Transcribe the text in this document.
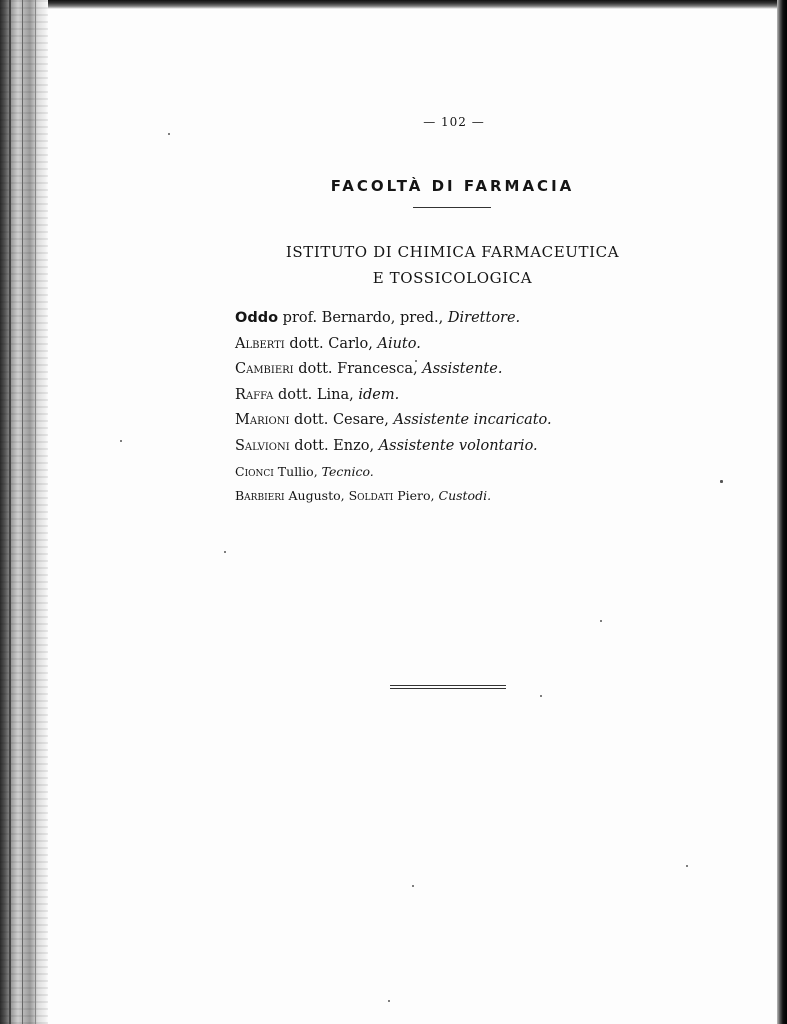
— 102 —
FACOLTÀ DI FARMACIA
ISTITUTO DI CHIMICA FARMACEUTICA
E TOSSICOLOGICA
Oddo prof. Bernardo, pred., Direttore.
Alberti dott. Carlo, Aiuto.
Cambieri dott. Francesca, Assistente.
Raffa dott. Lina, idem.
Marioni dott. Cesare, Assistente incaricato.
Salvioni dott. Enzo, Assistente volontario.
Cionci Tullio, Tecnico.
Barbieri Augusto, Soldati Piero, Custodi.
